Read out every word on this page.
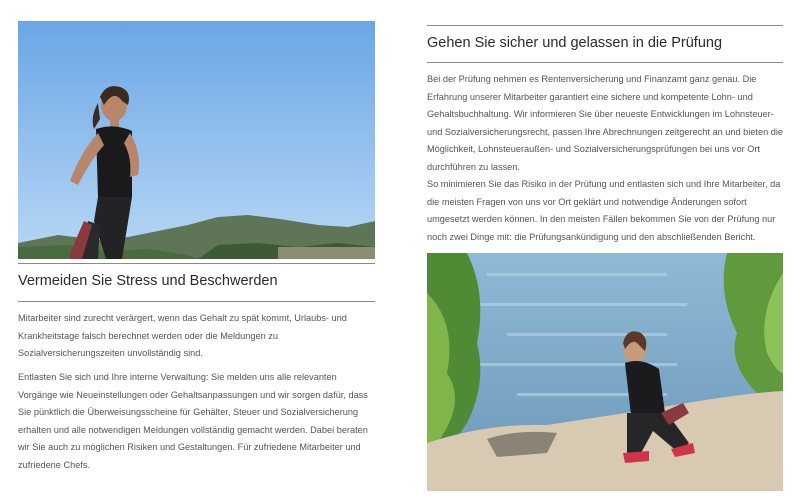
Vermeiden Sie Stress und Beschwerden

Mitarbeiter sind zurecht verärgert, wenn das Gehalt zu spät kommt, Urlaubs- und Krankheitstage falsch berechnet werden oder die Meldungen zu Sozialversicherungszeiten unvollständig sind.

Entlasten Sie sich und Ihre interne Verwaltung: Sie melden uns alle relevanten Vorgänge wie Neueinstellungen oder Gehaltsanpassungen und wir sorgen dafür, dass Sie pünktlich die Überweisungsscheine für Gehälter, Steuer und Sozialversicherung erhalten und alle notwendigen Meldungen vollständig gemacht werden. Dabei beraten wir Sie auch zu möglichen Risiken und Gestaltungen. Für zufriedene Mitarbeiter und zufriedene Chefs.

Gehen Sie sicher und gelassen in die Prüfung

Bei der Prüfung nehmen es Rentenversicherung und Finanzamt ganz genau. Die Erfahrung unserer Mitarbeiter garantiert eine sichere und kompetente Lohn- und Gehaltsbuchhaltung. Wir informieren Sie über neueste Entwicklungen im Lohnsteuer- und Sozialversicherungsrecht, passen Ihre Abrechnungen zeitgerecht an und bieten die Möglichkeit, Lohnsteueraußen- und Sozialversicherungsprüfungen bei uns vor Ort durchführen zu lassen.

So minimieren Sie das Risiko in der Prüfung und entlasten sich und Ihre Mitarbeiter, da die meisten Fragen von uns vor Ort geklärt und notwendige Änderungen sofort umgesetzt werden können. In den meisten Fällen bekommen Sie von der Prüfung nur noch zwei Dinge mit: die Prüfungsankündigung und den abschließenden Bericht.
